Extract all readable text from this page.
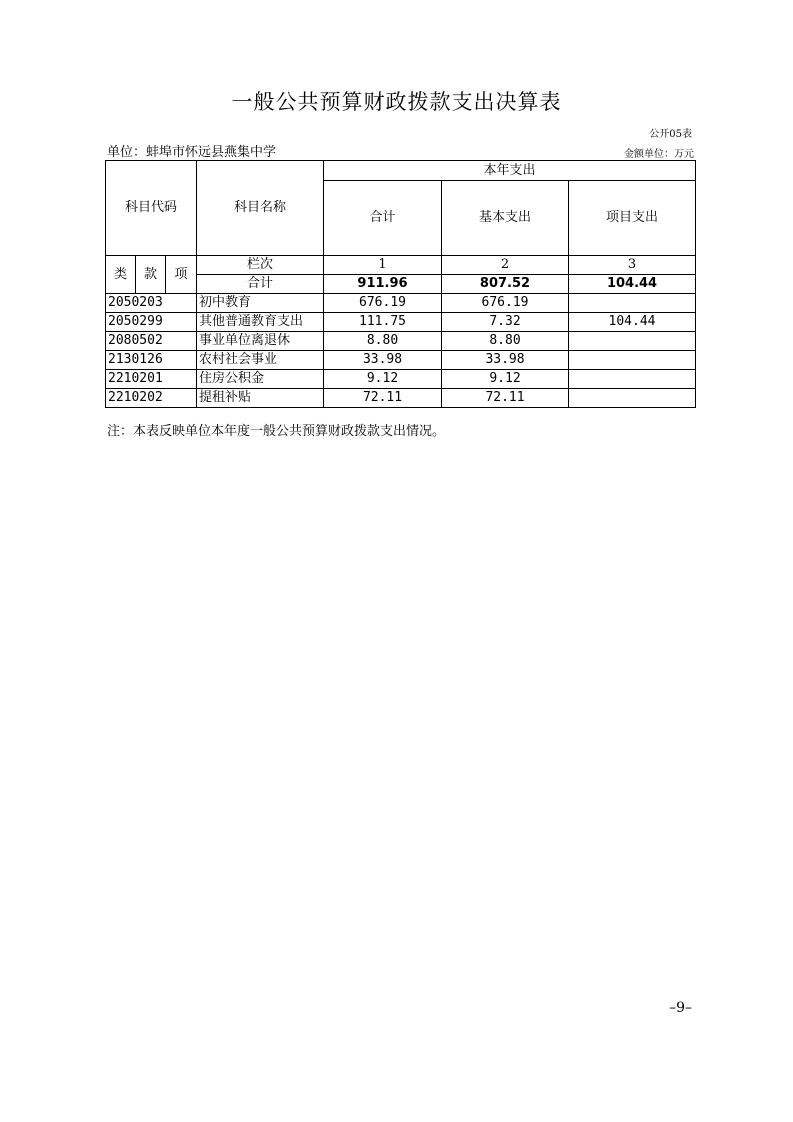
一般公共预算财政拨款支出决算表
公开05表
单位：蚌埠市怀远县燕集中学	金额单位：万元
科目代码			科目名称	本年支出		
				合计	基本支出	项目支出
类	款	项	栏次	1	2	3
			合计	911.96	807.52	104.44
2050203			初中教育	676.19	676.19	
2050299			其他普通教育支出	111.75	7.32	104.44
2080502			事业单位离退休	8.80	8.80	
2130126			农村社会事业	33.98	33.98	
2210201			住房公积金	9.12	9.12	
2210202			提租补贴	72.11	72.11	
注：本表反映单位本年度一般公共预算财政拨款支出情况。
–9–
